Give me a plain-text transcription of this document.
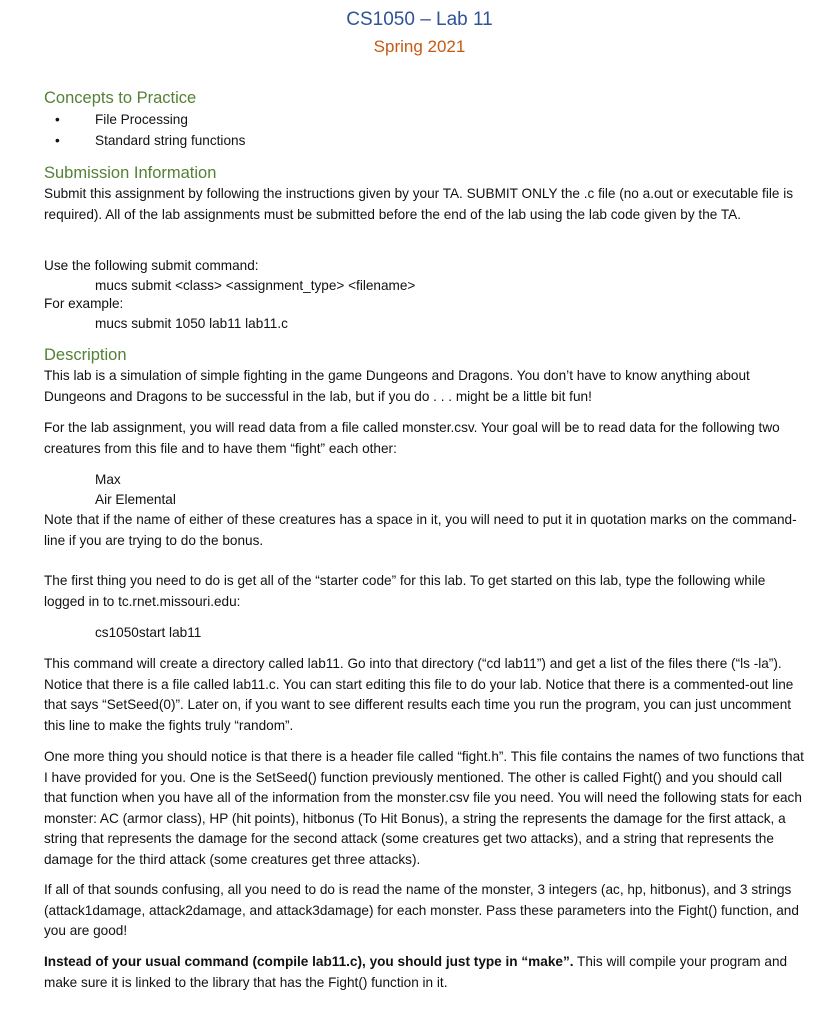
CS1050 – Lab 11
Spring 2021
Concepts to Practice
•	File Processing
•	Standard string functions
Submission Information

Submit this assignment by following the instructions given by your TA. SUBMIT ONLY the .c file (no a.out or executable file is required). All of the lab assignments must be submitted before the end of the lab using the lab code given by the TA.

Use the following submit command:
mucs submit <class> <assignment_type> <filename>
For example:
mucs submit 1050 lab11 lab11.c
Description

This lab is a simulation of simple fighting in the game Dungeons and Dragons. You don’t have to know anything about Dungeons and Dragons to be successful in the lab, but if you do . . . might be a little bit fun!

For the lab assignment, you will read data from a file called monster.csv. Your goal will be to read data for the following two creatures from this file and to have them “fight” each other:

Max
Air Elemental

Note that if the name of either of these creatures has a space in it, you will need to put it in quotation marks on the command-line if you are trying to do the bonus.

The first thing you need to do is get all of the “starter code” for this lab. To get started on this lab, type the following while logged in to tc.rnet.missouri.edu:

cs1050start lab11

This command will create a directory called lab11. Go into that directory (“cd lab11”) and get a list of the files there (“ls -la”). Notice that there is a file called lab11.c. You can start editing this file to do your lab. Notice that there is a commented-out line that says “SetSeed(0)”. Later on, if you want to see different results each time you run the program, you can just uncomment this line to make the fights truly “random”.

One more thing you should notice is that there is a header file called “fight.h”. This file contains the names of two functions that I have provided for you. One is the SetSeed() function previously mentioned. The other is called Fight() and you should call that function when you have all of the information from the monster.csv file you need. You will need the following stats for each monster: AC (armor class), HP (hit points), hitbonus (To Hit Bonus), a string the represents the damage for the first attack, a string that represents the damage for the second attack (some creatures get two attacks), and a string that represents the damage for the third attack (some creatures get three attacks).

If all of that sounds confusing, all you need to do is read the name of the monster, 3 integers (ac, hp, hitbonus), and 3 strings (attack1damage, attack2damage, and attack3damage) for each monster. Pass these parameters into the Fight() function, and you are good!

Instead of your usual command (compile lab11.c), you should just type in “make”. This will compile your program and make sure it is linked to the library that has the Fight() function in it.
